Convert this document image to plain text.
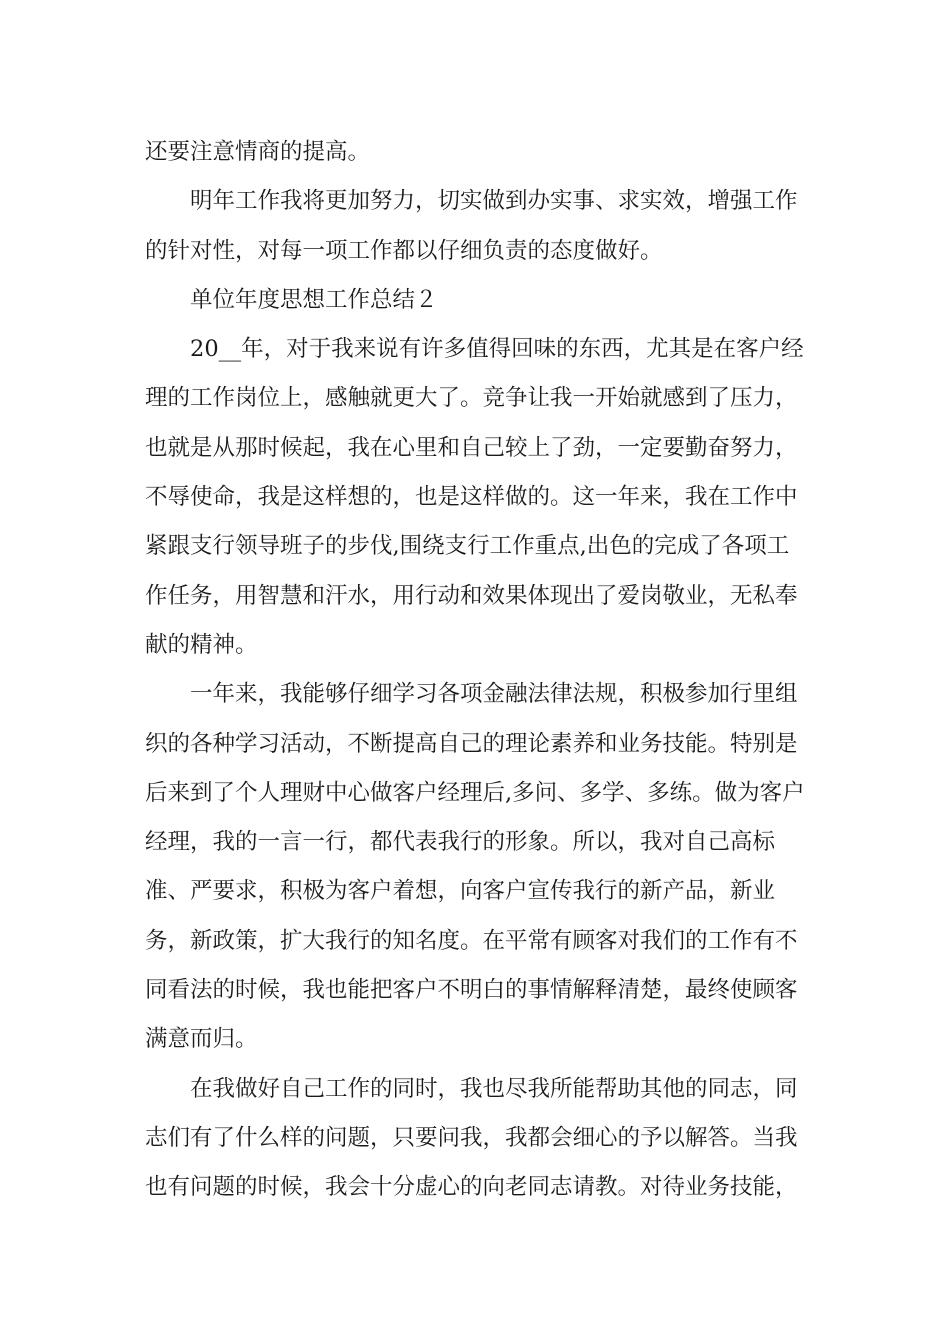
还要注意情商的提高。

明年工作我将更加努力，切实做到办实事、求实效，增强工作的针对性，对每一项工作都以仔细负责的态度做好。

单位年度思想工作总结２

20__年，对于我来说有许多值得回味的东西，尤其是在客户经理的工作岗位上，感触就更大了。竞争让我一开始就感到了压力，也就是从那时候起，我在心里和自己较上了劲，一定要勤奋努力，不辱使命，我是这样想的，也是这样做的。这一年来，我在工作中紧跟支行领导班子的步伐,围绕支行工作重点,出色的完成了各项工作任务，用智慧和汗水，用行动和效果体现出了爱岗敬业，无私奉献的精神。

一年来，我能够仔细学习各项金融法律法规，积极参加行里组织的各种学习活动，不断提高自己的理论素养和业务技能。特别是后来到了个人理财中心做客户经理后,多问、多学、多练。做为客户经理，我的一言一行，都代表我行的形象。所以，我对自己高标准、严要求，积极为客户着想，向客户宣传我行的新产品，新业务，新政策，扩大我行的知名度。在平常有顾客对我们的工作有不同看法的时候，我也能把客户不明白的事情解释清楚，最终使顾客满意而归。

在我做好自己工作的同时，我也尽我所能帮助其他的同志，同志们有了什么样的问题，只要问我，我都会细心的予以解答。当我也有问题的时候，我会十分虚心的向老同志请教。对待业务技能，
